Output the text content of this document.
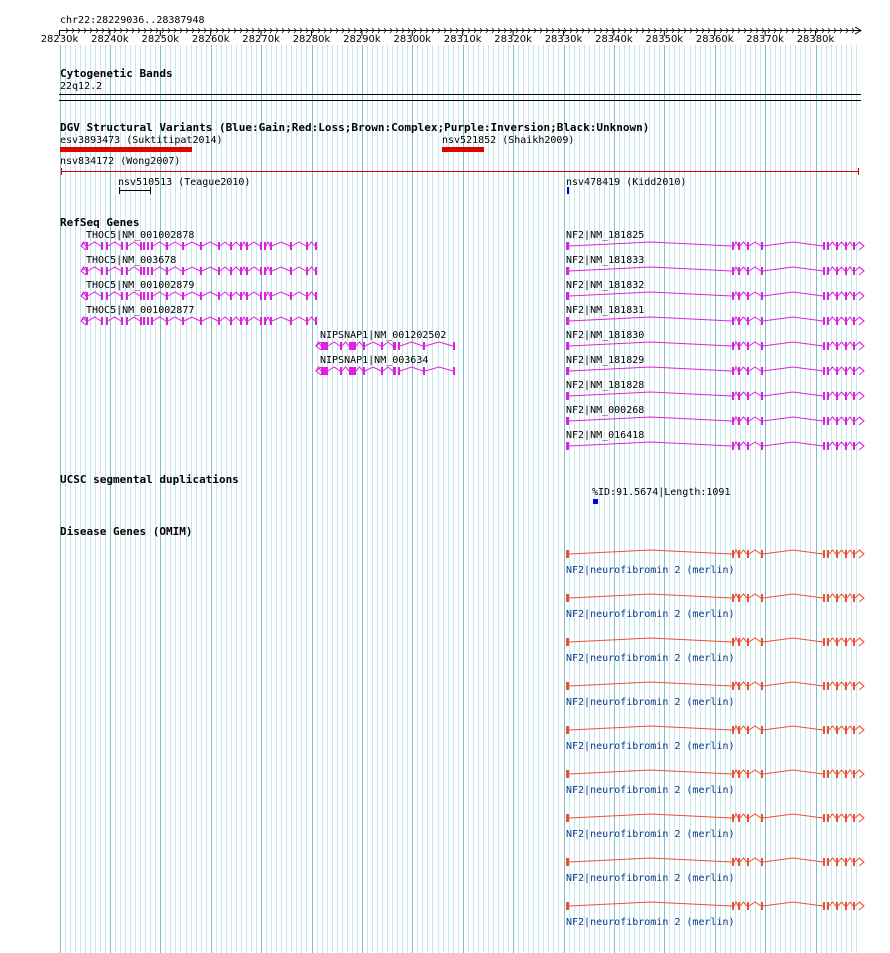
chr22:28229036..28387948
28230k 28240k 28250k 28260k 28270k 28280k 28290k 28300k 28310k 28320k 28330k 28340k 28350k 28360k 28370k 28380k
Cytogenetic Bands
22q12.2
DGV Structural Variants (Blue:Gain;Red:Loss;Brown:Complex;Purple:Inversion;Black:Unknown)
esv3893473 (Suktitipat2014)	nsv521852 (Shaikh2009)
nsv834172 (Wong2007)
nsv510513 (Teague2010)	nsv478419 (Kidd2010)
RefSeq Genes
THOC5|NM_001002878
THOC5|NM_003678
THOC5|NM_001002879
THOC5|NM_001002877
NIPSNAP1|NM_001202502
NIPSNAP1|NM_003634
NF2|NM_181825
NF2|NM_181833
NF2|NM_181832
NF2|NM_181831
NF2|NM_181830
NF2|NM_181829
NF2|NM_181828
NF2|NM_000268
NF2|NM_016418
UCSC segmental duplications
%ID:91.5674|Length:1091
Disease Genes (OMIM)
NF2|neurofibromin 2 (merlin)
NF2|neurofibromin 2 (merlin)
NF2|neurofibromin 2 (merlin)
NF2|neurofibromin 2 (merlin)
NF2|neurofibromin 2 (merlin)
NF2|neurofibromin 2 (merlin)
NF2|neurofibromin 2 (merlin)
NF2|neurofibromin 2 (merlin)
NF2|neurofibromin 2 (merlin)
